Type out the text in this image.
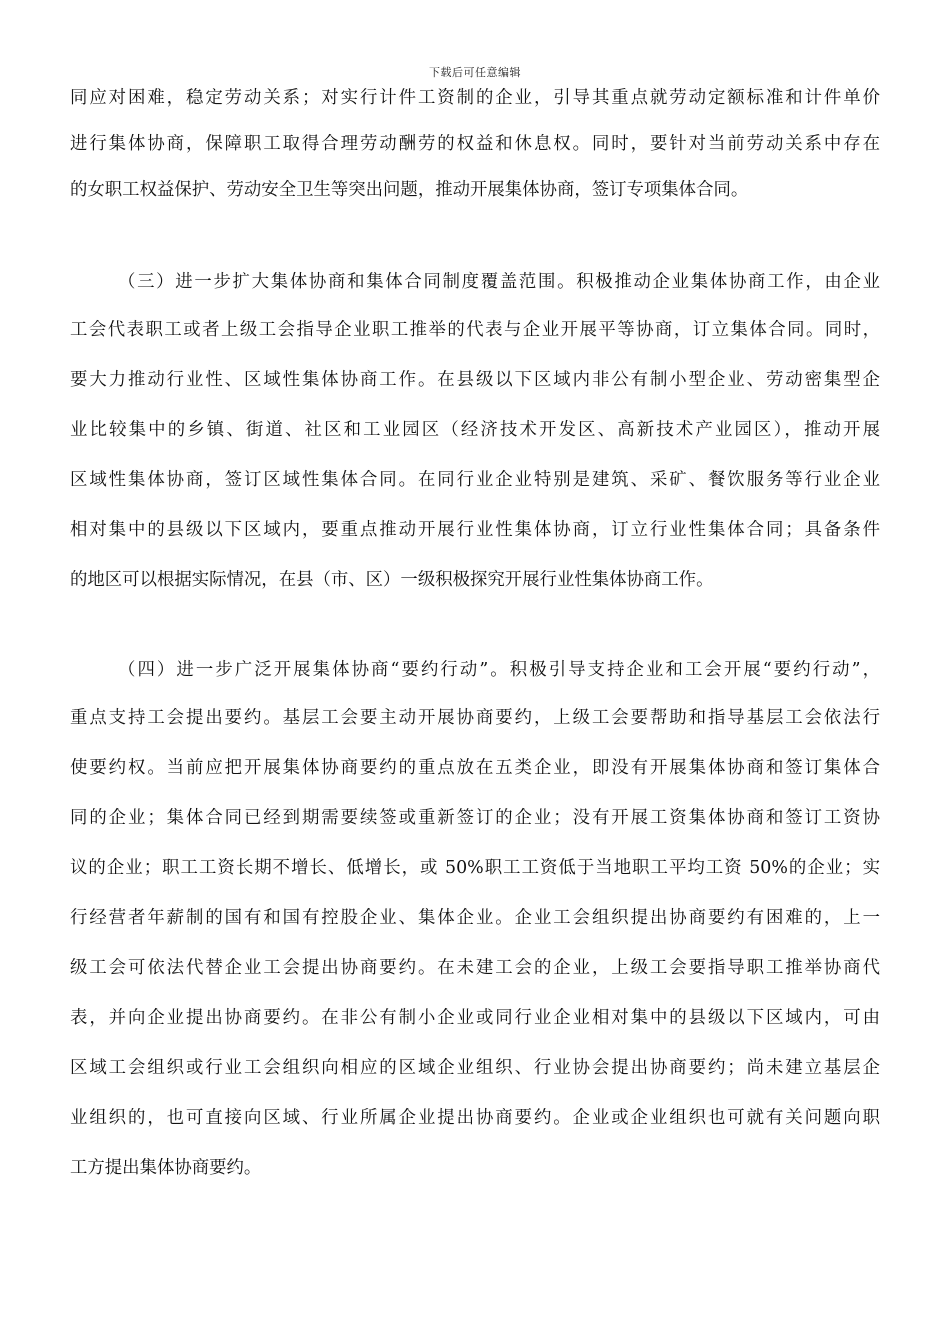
下载后可任意编辑
同应对困难，稳定劳动关系；对实行计件工资制的企业，引导其重点就劳动定额标准和计件单价
进行集体协商，保障职工取得合理劳动酬劳的权益和休息权。同时，要针对当前劳动关系中存在
的女职工权益保护、劳动安全卫生等突出问题，推动开展集体协商，签订专项集体合同。
（三）进一步扩大集体协商和集体合同制度覆盖范围。积极推动企业集体协商工作，由企业
工会代表职工或者上级工会指导企业职工推举的代表与企业开展平等协商，订立集体合同。同时，
要大力推动行业性、区域性集体协商工作。在县级以下区域内非公有制小型企业、劳动密集型企
业比较集中的乡镇、街道、社区和工业园区（经济技术开发区、高新技术产业园区），推动开展
区域性集体协商，签订区域性集体合同。在同行业企业特别是建筑、采矿、餐饮服务等行业企业
相对集中的县级以下区域内，要重点推动开展行业性集体协商，订立行业性集体合同；具备条件
的地区可以根据实际情况，在县（市、区）一级积极探究开展行业性集体协商工作。
（四）进一步广泛开展集体协商“要约行动”。积极引导支持企业和工会开展“要约行动”，
重点支持工会提出要约。基层工会要主动开展协商要约，上级工会要帮助和指导基层工会依法行
使要约权。当前应把开展集体协商要约的重点放在五类企业，即没有开展集体协商和签订集体合
同的企业；集体合同已经到期需要续签或重新签订的企业；没有开展工资集体协商和签订工资协
议的企业；职工工资长期不增长、低增长，或 50%职工工资低于当地职工平均工资 50%的企业；实
行经营者年薪制的国有和国有控股企业、集体企业。企业工会组织提出协商要约有困难的，上一
级工会可依法代替企业工会提出协商要约。在未建工会的企业，上级工会要指导职工推举协商代
表，并向企业提出协商要约。在非公有制小企业或同行业企业相对集中的县级以下区域内，可由
区域工会组织或行业工会组织向相应的区域企业组织、行业协会提出协商要约；尚未建立基层企
业组织的，也可直接向区域、行业所属企业提出协商要约。企业或企业组织也可就有关问题向职
工方提出集体协商要约。
